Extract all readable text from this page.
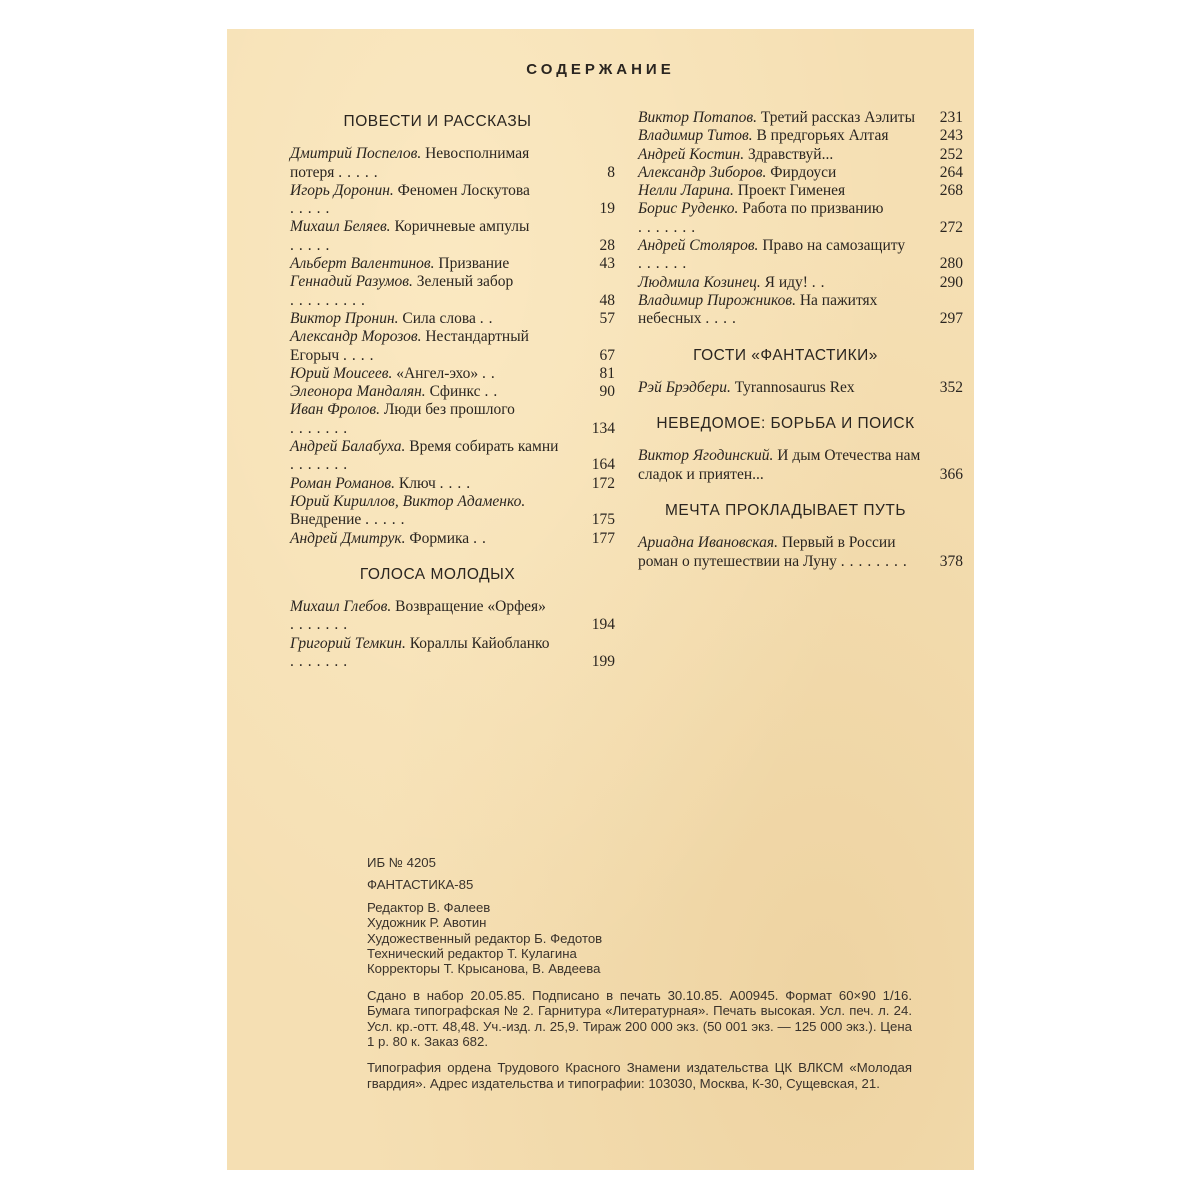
СОДЕРЖАНИЕ
ПОВЕСТИ И РАССКАЗЫ
Дмитрий Поспелов. Невосполнимая потеря .....	8
Игорь Доронин. Феномен Лоскутова .....	19
Михаил Беляев. Коричневые ампулы .....	28
Альберт Валентинов. Призвание	43
Геннадий Разумов. Зеленый забор .........	48
Виктор Пронин. Сила слова ..	57
Александр Морозов. Нестандартный Егорыч ....	67
Юрий Моисеев. «Ангел-эхо» ..	81
Элеонора Мандалян. Сфинкс ..	90
Иван Фролов. Люди без прошлого .......	134
Андрей Балабуха. Время собирать камни .......	164
Роман Романов. Ключ ....	172
Юрий Кириллов, Виктор Адаменко. Внедрение .....	175
Андрей Дмитрук. Формика ..	177
ГОЛОСА МОЛОДЫХ
Михаил Глебов. Возвращение «Орфея» .......	194
Григорий Темкин. Кораллы Кайобланко .......	199
Виктор Потапов. Третий рассказ Аэлиты	231
Владимир Титов. В предгорьях Алтая	243
Андрей Костин. Здравствуй...	252
Александр Зиборов. Фирдоуси	264
Нелли Ларина. Проект Гименея	268
Борис Руденко. Работа по призванию .......	272
Андрей Столяров. Право на самозащиту ......	280
Людмила Козинец. Я иду! ..	290
Владимир Пирожников. На пажитях небесных ....	297
ГОСТИ «ФАНТАСТИКИ»
Рэй Брэдбери. Tyrannosaurus Rex	352
НЕВЕДОМОЕ: БОРЬБА И ПОИСК
Виктор Ягодинский. И дым Отечества нам сладок и приятен...	366
МЕЧТА ПРОКЛАДЫВАЕТ ПУТЬ
Ариадна Ивановская. Первый в России роман о путешествии на Луну ........	378
ИБ № 4205
ФАНТАСТИКА-85
Редактор В. Фалеев
Художник Р. Авотин
Художественный редактор Б. Федотов
Технический редактор Т. Кулагина
Корректоры Т. Крысанова, В. Авдеева
Сдано в набор 20.05.85. Подписано в печать 30.10.85. А00945. Формат 60×90 1/16. Бумага типографская № 2. Гарнитура «Литературная». Печать высокая. Усл. печ. л. 24. Усл. кр.-отт. 48,48. Уч.-изд. л. 25,9. Тираж 200 000 экз. (50 001 экз. — 125 000 экз.). Цена 1 р. 80 к. Заказ 682.
Типография ордена Трудового Красного Знамени издательства ЦК ВЛКСМ «Молодая гвардия». Адрес издательства и типографии: 103030, Москва, К-30, Сущевская, 21.
